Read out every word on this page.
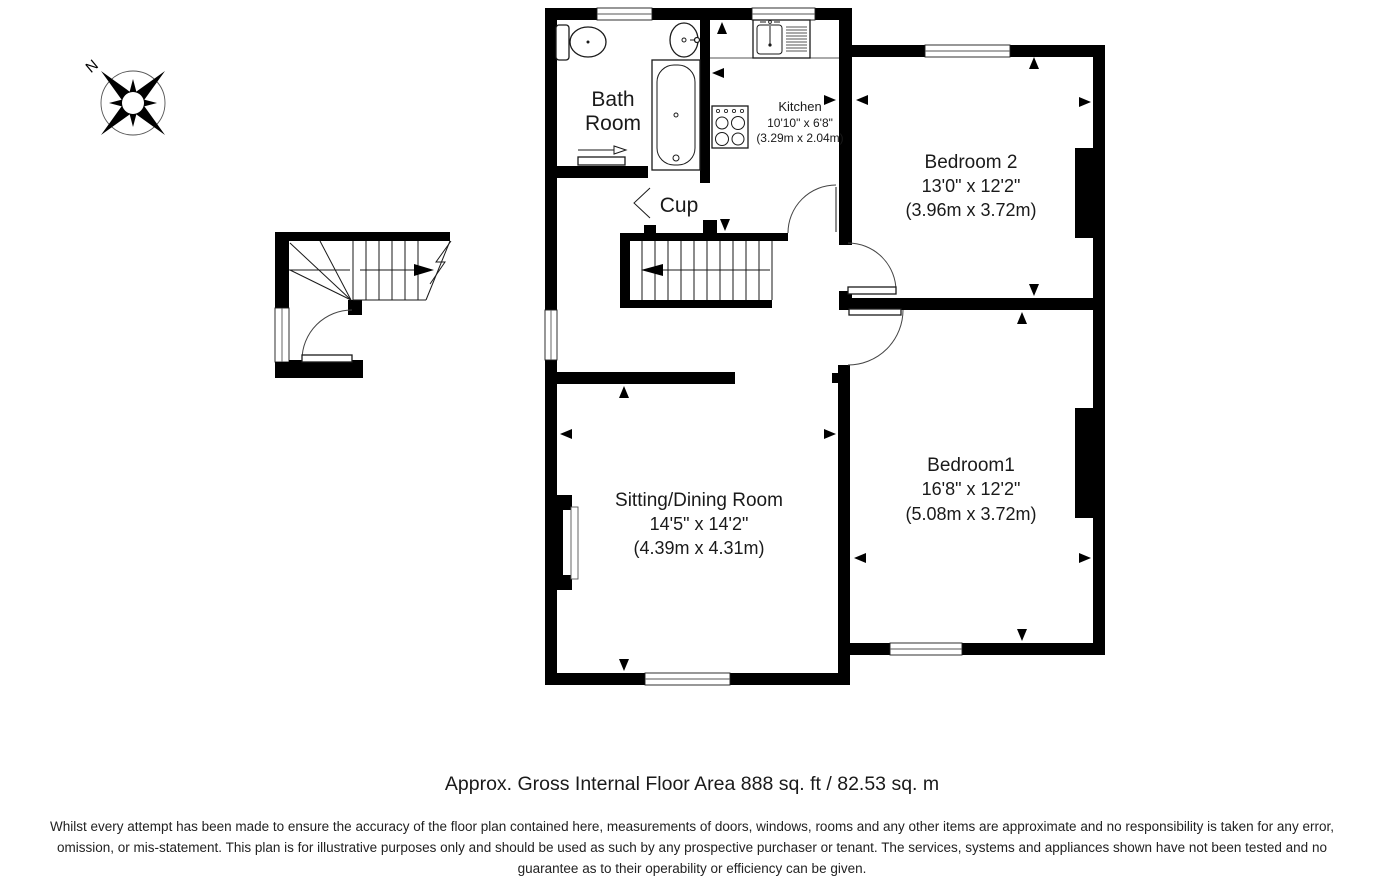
N
Bath
Room
Kitchen
10'10" x 6'8"
(3.29m x 2.04m)
Cup
Bedroom 2
13'0" x 12'2"
(3.96m x 3.72m)
Bedroom1
16'8" x 12'2"
(5.08m x 3.72m)
Sitting/Dining Room
14'5" x 14'2"
(4.39m x 4.31m)
Approx. Gross Internal Floor Area 888 sq. ft / 82.53 sq. m
Whilst every attempt has been made to ensure the accuracy of the floor plan contained here, measurements of doors, windows, rooms and any other items are approximate and no responsibility is taken for any error,
omission, or mis-statement. This plan is for illustrative purposes only and should be used as such by any prospective purchaser or tenant. The services, systems and appliances shown have not been tested and no
guarantee as to their operability or efficiency can be given.
